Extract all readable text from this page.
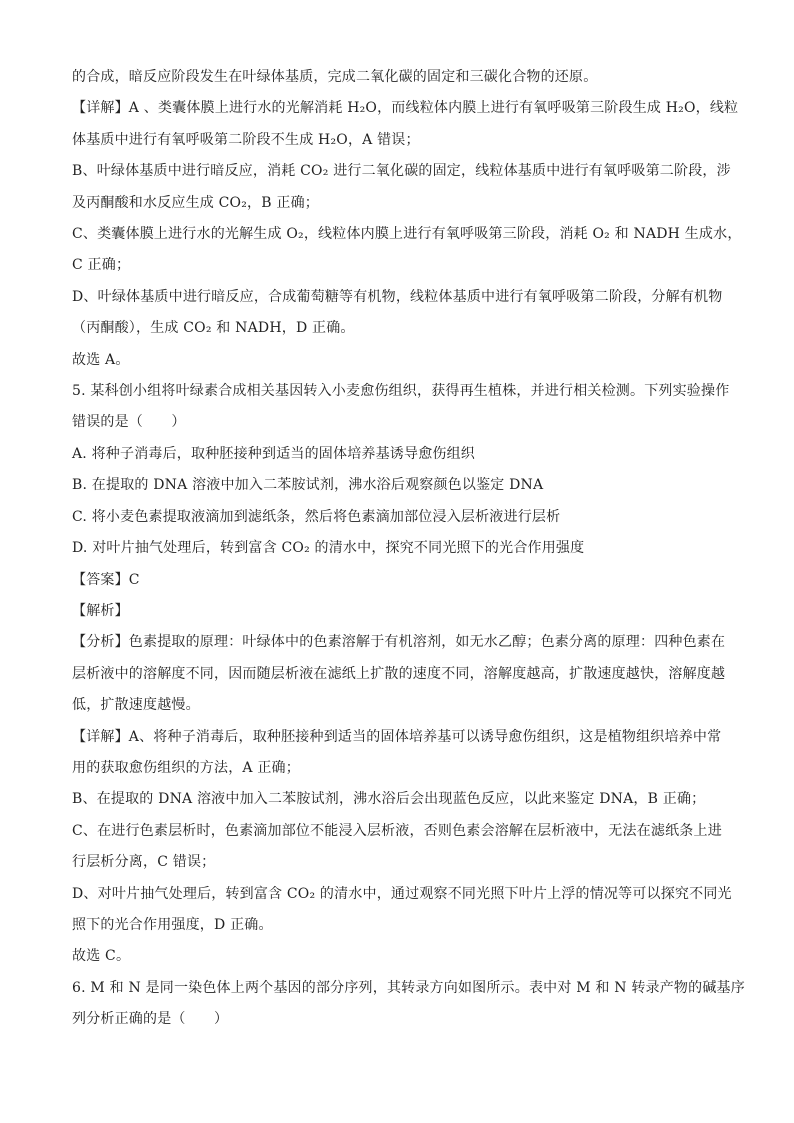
的合成，暗反应阶段发生在叶绿体基质，完成二氧化碳的固定和三碳化合物的还原。
【详解】A 、类囊体膜上进行水的光解消耗 H₂O，而线粒体内膜上进行有氧呼吸第三阶段生成 H₂O，线粒
体基质中进行有氧呼吸第二阶段不生成 H₂O，A 错误；
B、叶绿体基质中进行暗反应，消耗 CO₂ 进行二氧化碳的固定，线粒体基质中进行有氧呼吸第二阶段，涉
及丙酮酸和水反应生成 CO₂，B 正确；
C、类囊体膜上进行水的光解生成 O₂，线粒体内膜上进行有氧呼吸第三阶段，消耗 O₂ 和 NADH 生成水，
C 正确；
D、叶绿体基质中进行暗反应，合成葡萄糖等有机物，线粒体基质中进行有氧呼吸第二阶段，分解有机物
（丙酮酸），生成 CO₂ 和 NADH，D 正确。
故选 A。
5. 某科创小组将叶绿素合成相关基因转入小麦愈伤组织，获得再生植株，并进行相关检测。下列实验操作
错误的是（　　）
A. 将种子消毒后，取种胚接种到适当的固体培养基诱导愈伤组织
B. 在提取的 DNA 溶液中加入二苯胺试剂，沸水浴后观察颜色以鉴定 DNA
C. 将小麦色素提取液滴加到滤纸条，然后将色素滴加部位浸入层析液进行层析
D. 对叶片抽气处理后，转到富含 CO₂ 的清水中，探究不同光照下的光合作用强度
【答案】C
【解析】
【分析】色素提取的原理：叶绿体中的色素溶解于有机溶剂，如无水乙醇；色素分离的原理：四种色素在
层析液中的溶解度不同，因而随层析液在滤纸上扩散的速度不同，溶解度越高，扩散速度越快，溶解度越
低，扩散速度越慢。
【详解】A、将种子消毒后，取种胚接种到适当的固体培养基可以诱导愈伤组织，这是植物组织培养中常
用的获取愈伤组织的方法，A 正确；
B、在提取的 DNA 溶液中加入二苯胺试剂，沸水浴后会出现蓝色反应，以此来鉴定 DNA，B 正确；
C、在进行色素层析时，色素滴加部位不能浸入层析液，否则色素会溶解在层析液中，无法在滤纸条上进
行层析分离，C 错误；
D、对叶片抽气处理后，转到富含 CO₂ 的清水中，通过观察不同光照下叶片上浮的情况等可以探究不同光
照下的光合作用强度，D 正确。
故选 C。
6. M 和 N 是同一染色体上两个基因的部分序列，其转录方向如图所示。表中对 M 和 N 转录产物的碱基序
列分析正确的是（　　）
